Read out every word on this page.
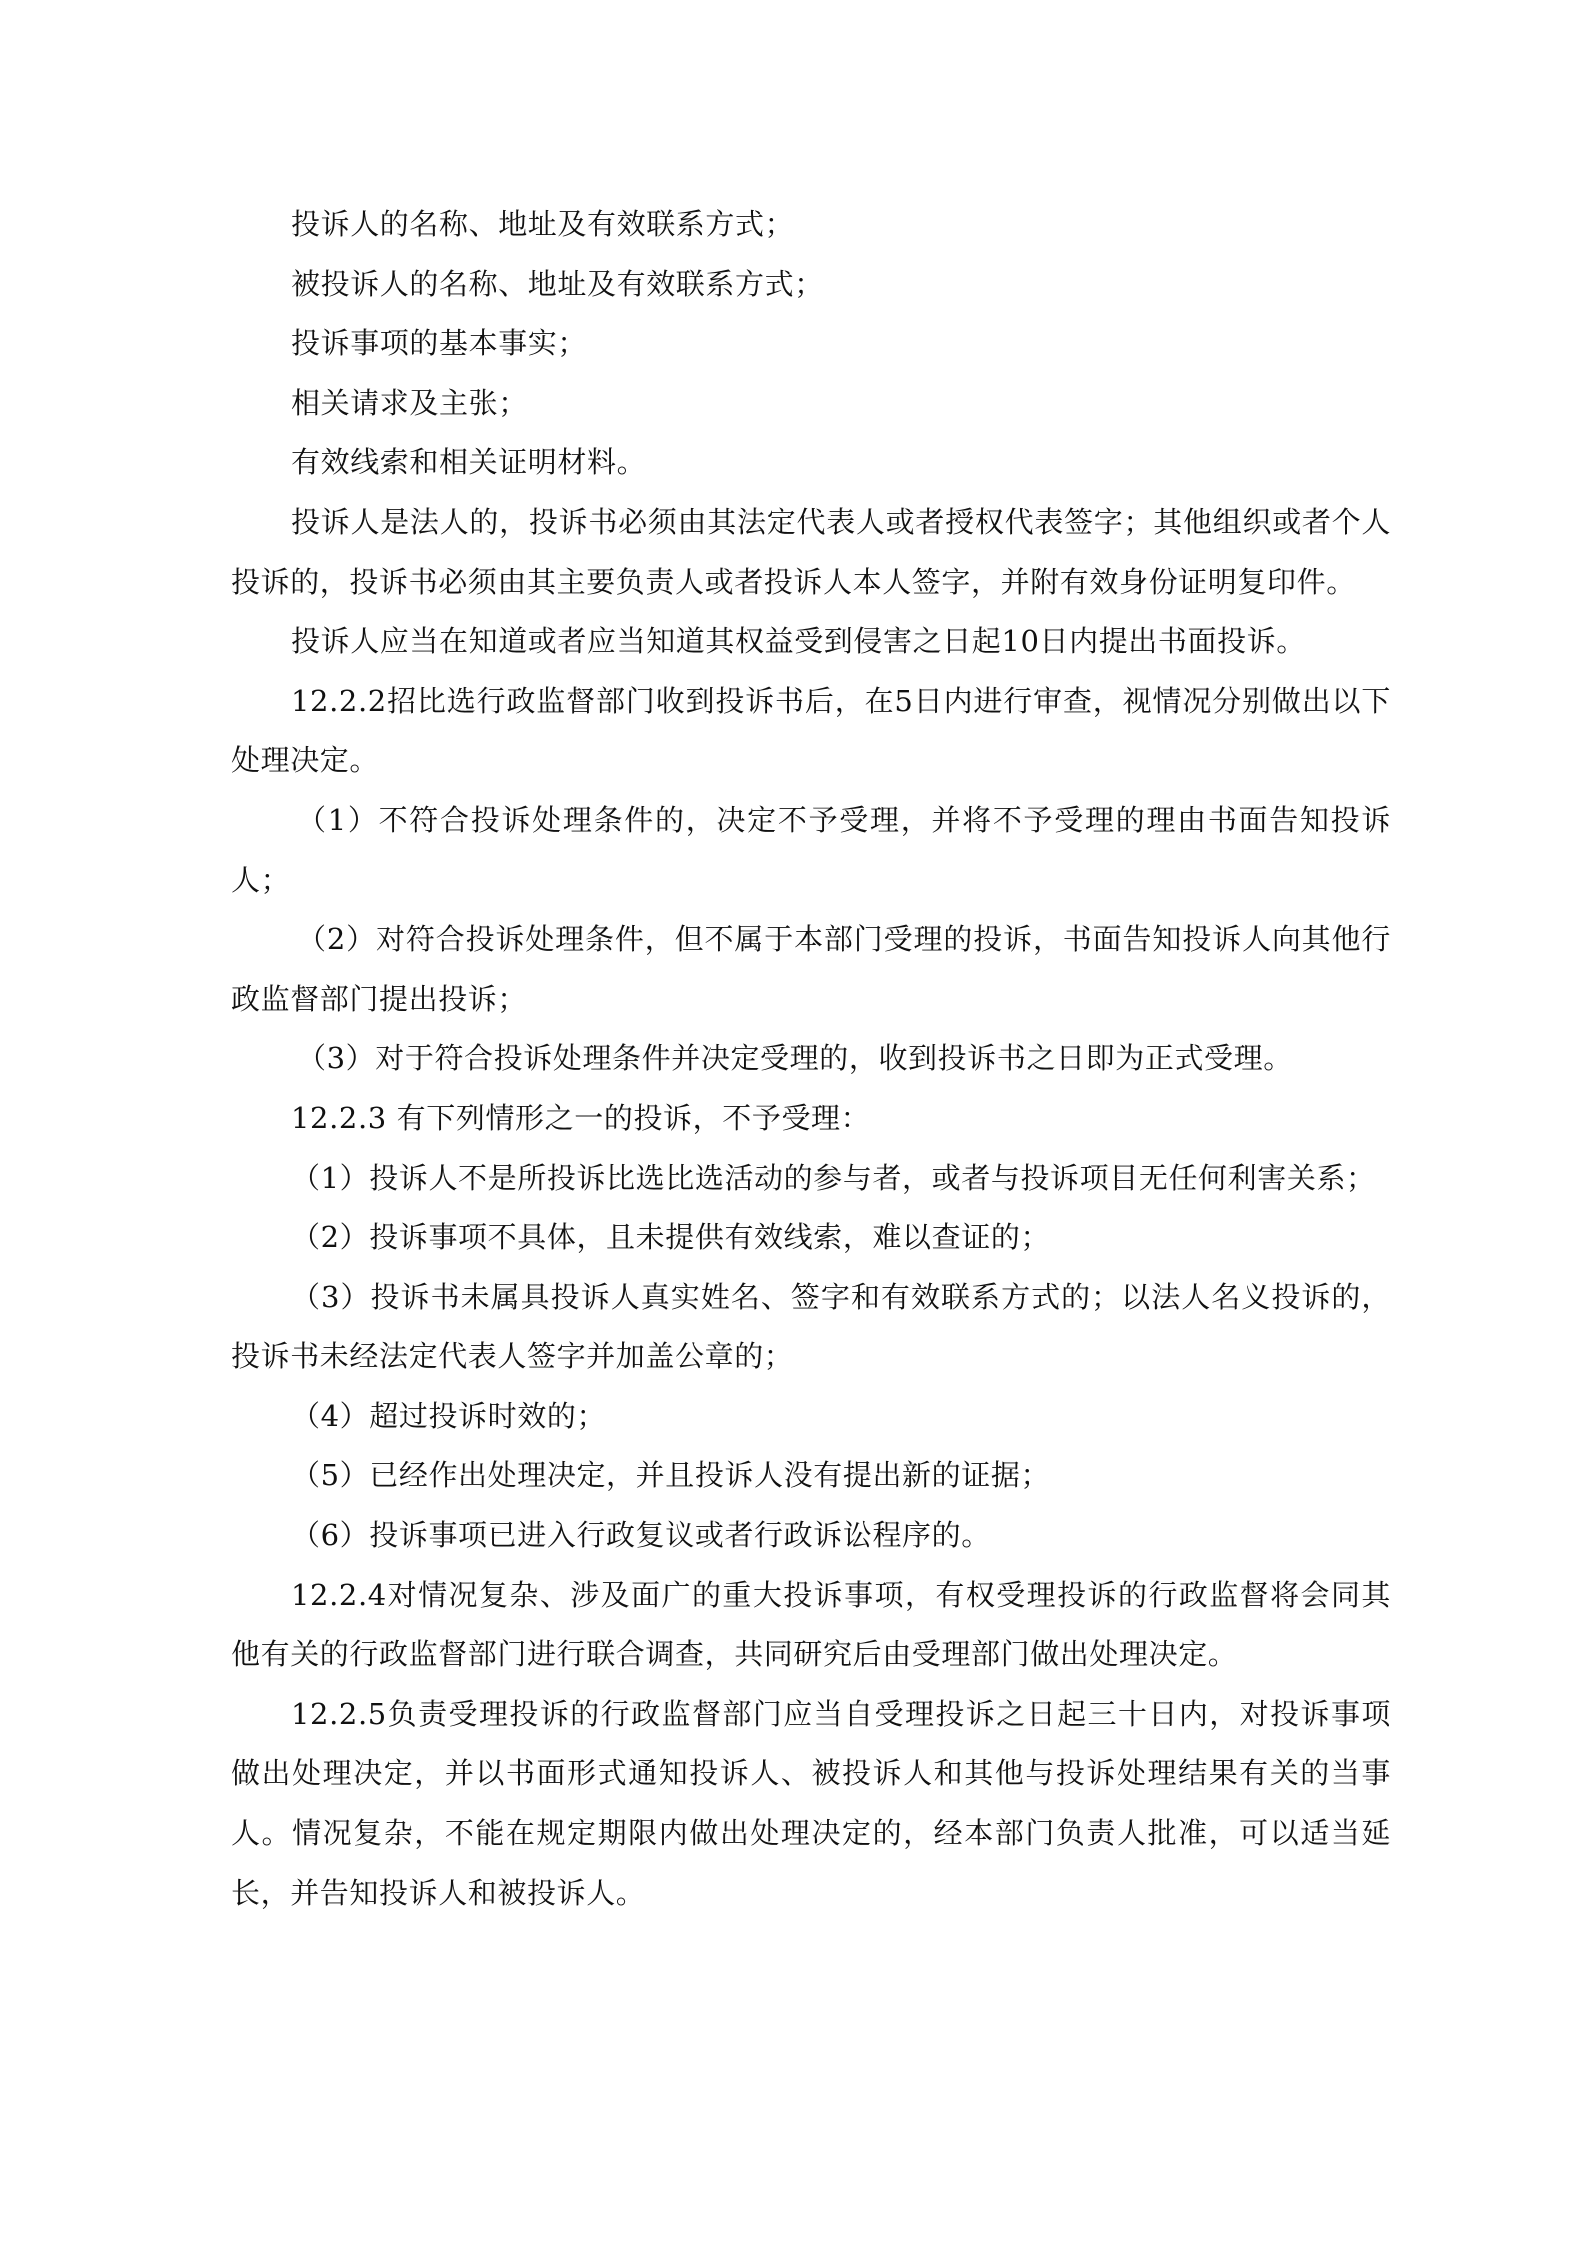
投诉人的名称、地址及有效联系方式；

被投诉人的名称、地址及有效联系方式；

投诉事项的基本事实；

相关请求及主张；

有效线索和相关证明材料。

投诉人是法人的，投诉书必须由其法定代表人或者授权代表签字；其他组织或者个人投诉的，投诉书必须由其主要负责人或者投诉人本人签字，并附有效身份证明复印件。

投诉人应当在知道或者应当知道其权益受到侵害之日起10日内提出书面投诉。

12.2.2招比选行政监督部门收到投诉书后，在5日内进行审查，视情况分别做出以下处理决定。

（1）不符合投诉处理条件的，决定不予受理，并将不予受理的理由书面告知投诉人；

（2）对符合投诉处理条件，但不属于本部门受理的投诉，书面告知投诉人向其他行政监督部门提出投诉；

（3）对于符合投诉处理条件并决定受理的，收到投诉书之日即为正式受理。

12.2.3 有下列情形之一的投诉，不予受理：

（1）投诉人不是所投诉比选比选活动的参与者，或者与投诉项目无任何利害关系；

（2）投诉事项不具体，且未提供有效线索，难以查证的；

（3）投诉书未属具投诉人真实姓名、签字和有效联系方式的；以法人名义投诉的，投诉书未经法定代表人签字并加盖公章的；

（4）超过投诉时效的；

（5）已经作出处理决定，并且投诉人没有提出新的证据；

（6）投诉事项已进入行政复议或者行政诉讼程序的。

12.2.4对情况复杂、涉及面广的重大投诉事项，有权受理投诉的行政监督将会同其他有关的行政监督部门进行联合调查，共同研究后由受理部门做出处理决定。

12.2.5负责受理投诉的行政监督部门应当自受理投诉之日起三十日内，对投诉事项做出处理决定，并以书面形式通知投诉人、被投诉人和其他与投诉处理结果有关的当事人。情况复杂，不能在规定期限内做出处理决定的，经本部门负责人批准，可以适当延长，并告知投诉人和被投诉人。
